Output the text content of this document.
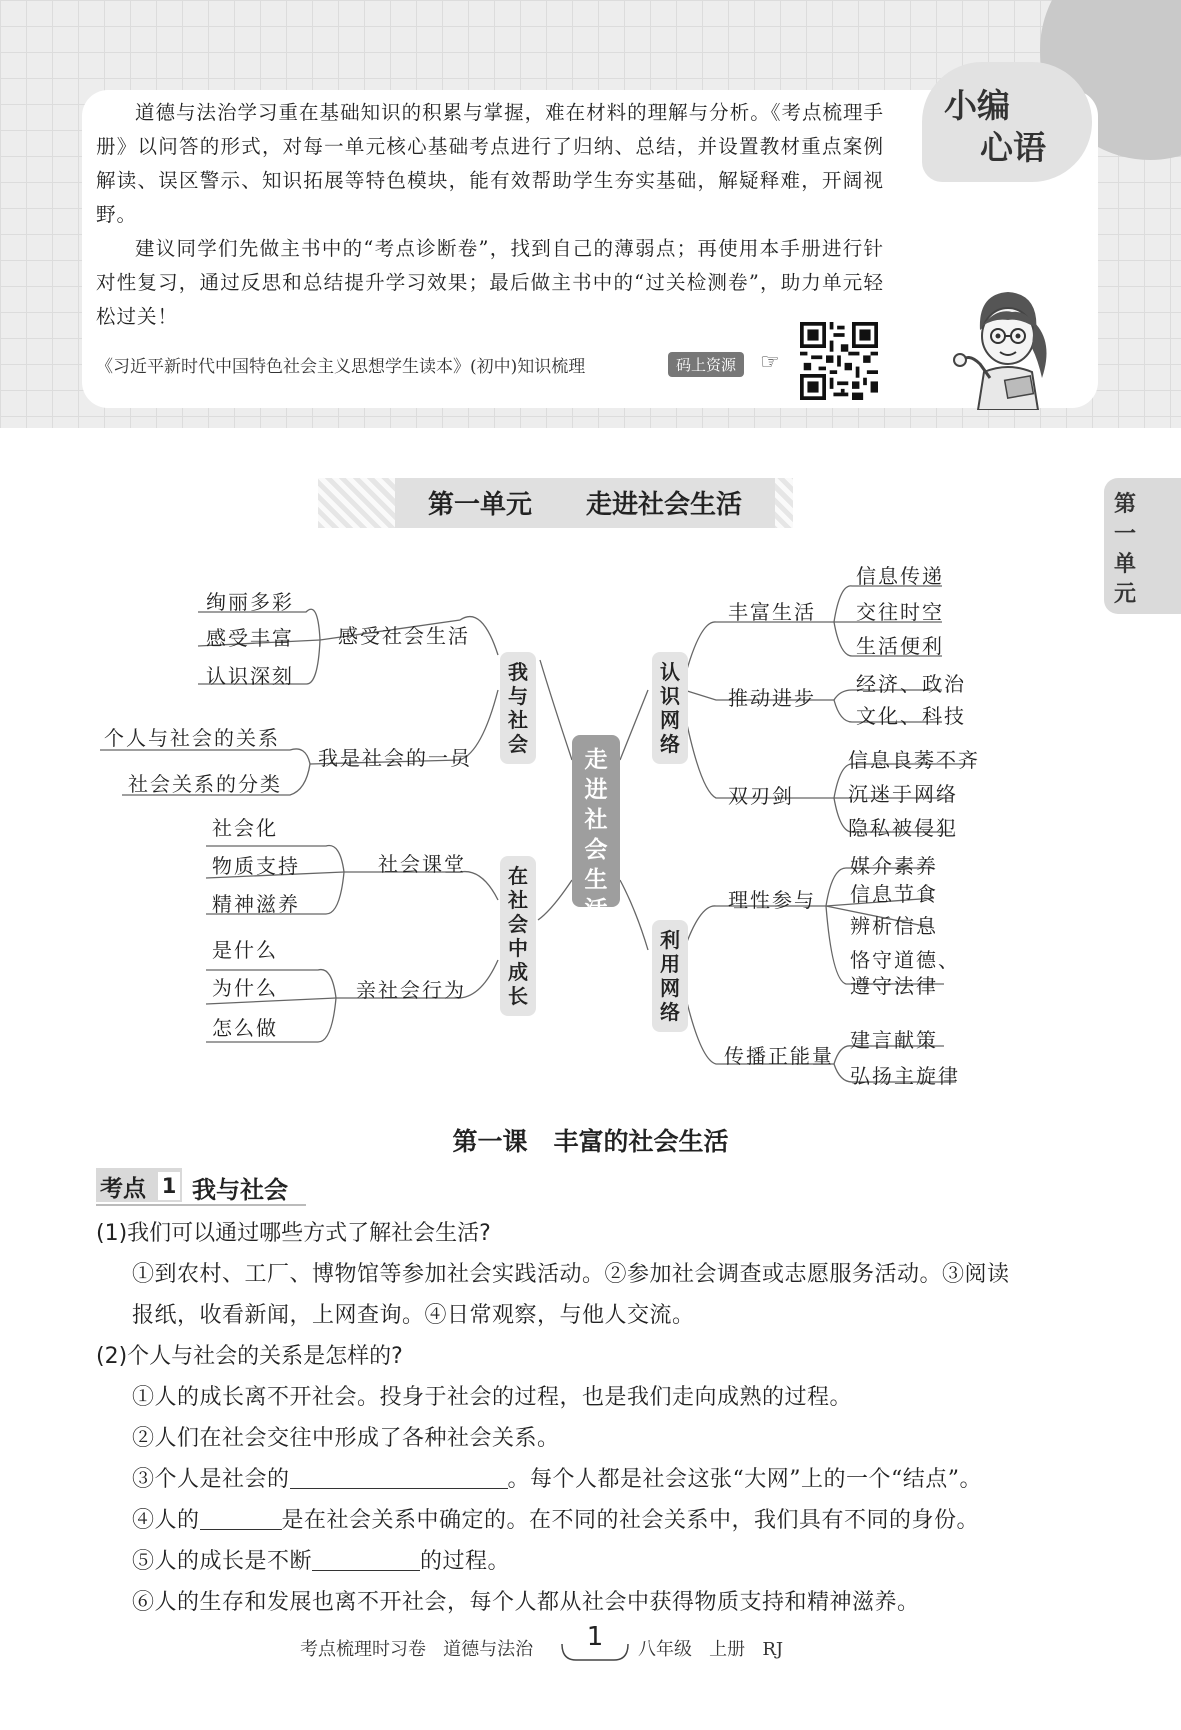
小编
心语

道德与法治学习重在基础知识的积累与掌握，难在材料的理解与分析。《考点梳理手册》以问答的形式，对每一单元核心基础考点进行了归纳、总结，并设置教材重点案例解读、误区警示、知识拓展等特色模块，能有效帮助学生夯实基础，解疑释难，开阔视野。

建议同学们先做主书中的“考点诊断卷”，找到自己的薄弱点；再使用本手册进行针对性复习，通过反思和总结提升学习效果；最后做主书中的“过关检测卷”，助力单元轻松过关！

《习近平新时代中国特色社会主义思想学生读本》(初中)知识梳理	码上资源	☞
第
一
单
元
第一单元  走进社会生活
走
进
社
会
生
活
我
与
社
会
在
社
会
中
成
长
认
识
网
络
利
用
网
络
感受社会生活
绚丽多彩
感受丰富
认识深刻
我是社会的一员
个人与社会的关系
社会关系的分类
社会课堂
社会化
物质支持
精神滋养
亲社会行为
是什么
为什么
怎么做
丰富生活
信息传递
交往时空
生活便利
推动进步
经济、政治
文化、科技
双刃剑
信息良莠不齐
沉迷于网络
隐私被侵犯
理性参与
媒介素养
信息节食
辨析信息
恪守道德、
遵守法律
传播正能量
建言献策
弘扬主旋律
第一课   丰富的社会生活
考点 1 我与社会
(1)我们可以通过哪些方式了解社会生活?
①到农村、工厂、博物馆等参加社会实践活动。②参加社会调查或志愿服务活动。③阅读
报纸，收看新闻，上网查询。④日常观察，与他人交流。
(2)个人与社会的关系是怎样的?
①人的成长离不开社会。投身于社会的过程，也是我们走向成熟的过程。
②人们在社会交往中形成了各种社会关系。
③个人是社会的	。每个人都是社会这张“大网”上的一个“结点”。
④人的	是在社会关系中确定的。在不同的社会关系中，我们具有不同的身份。
⑤人的成长是不断	的过程。
⑥人的生存和发展也离不开社会，每个人都从社会中获得物质支持和精神滋养。
考点梳理时习卷   道德与法治 1	八年级   上册   RJ
